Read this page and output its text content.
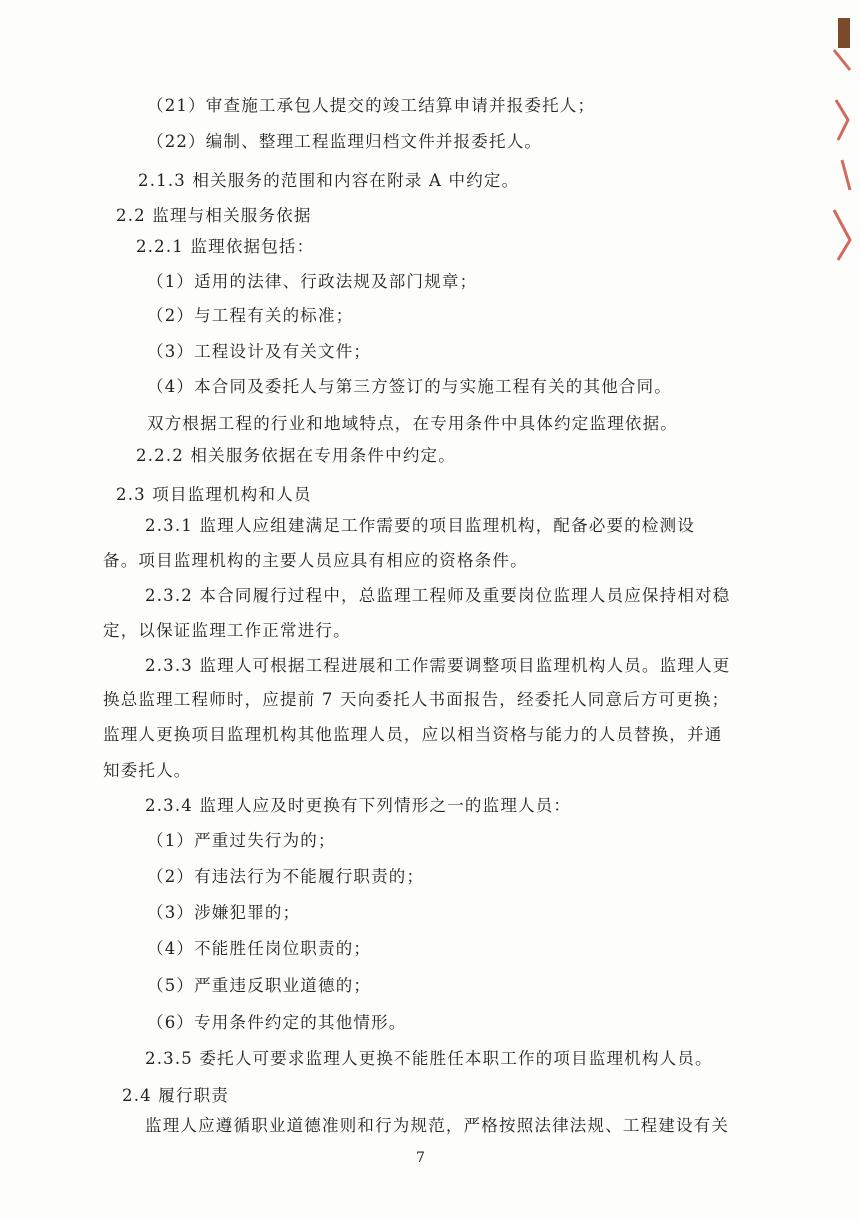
（21）审查施工承包人提交的竣工结算申请并报委托人；
（22）编制、整理工程监理归档文件并报委托人。
2.1.3 相关服务的范围和内容在附录 A 中约定。
2.2 监理与相关服务依据
2.2.1 监理依据包括：
（1）适用的法律、行政法规及部门规章；
（2）与工程有关的标准；
（3）工程设计及有关文件；
（4）本合同及委托人与第三方签订的与实施工程有关的其他合同。
双方根据工程的行业和地域特点，在专用条件中具体约定监理依据。
2.2.2 相关服务依据在专用条件中约定。
2.3 项目监理机构和人员
2.3.1 监理人应组建满足工作需要的项目监理机构，配备必要的检测设
备。项目监理机构的主要人员应具有相应的资格条件。
2.3.2 本合同履行过程中，总监理工程师及重要岗位监理人员应保持相对稳
定，以保证监理工作正常进行。
2.3.3 监理人可根据工程进展和工作需要调整项目监理机构人员。监理人更
换总监理工程师时，应提前 7 天向委托人书面报告，经委托人同意后方可更换；
监理人更换项目监理机构其他监理人员，应以相当资格与能力的人员替换，并通
知委托人。
2.3.4 监理人应及时更换有下列情形之一的监理人员：
（1）严重过失行为的；
（2）有违法行为不能履行职责的；
（3）涉嫌犯罪的；
（4）不能胜任岗位职责的；
（5）严重违反职业道德的；
（6）专用条件约定的其他情形。
2.3.5 委托人可要求监理人更换不能胜任本职工作的项目监理机构人员。
2.4 履行职责
监理人应遵循职业道德准则和行为规范，严格按照法律法规、工程建设有关
7
